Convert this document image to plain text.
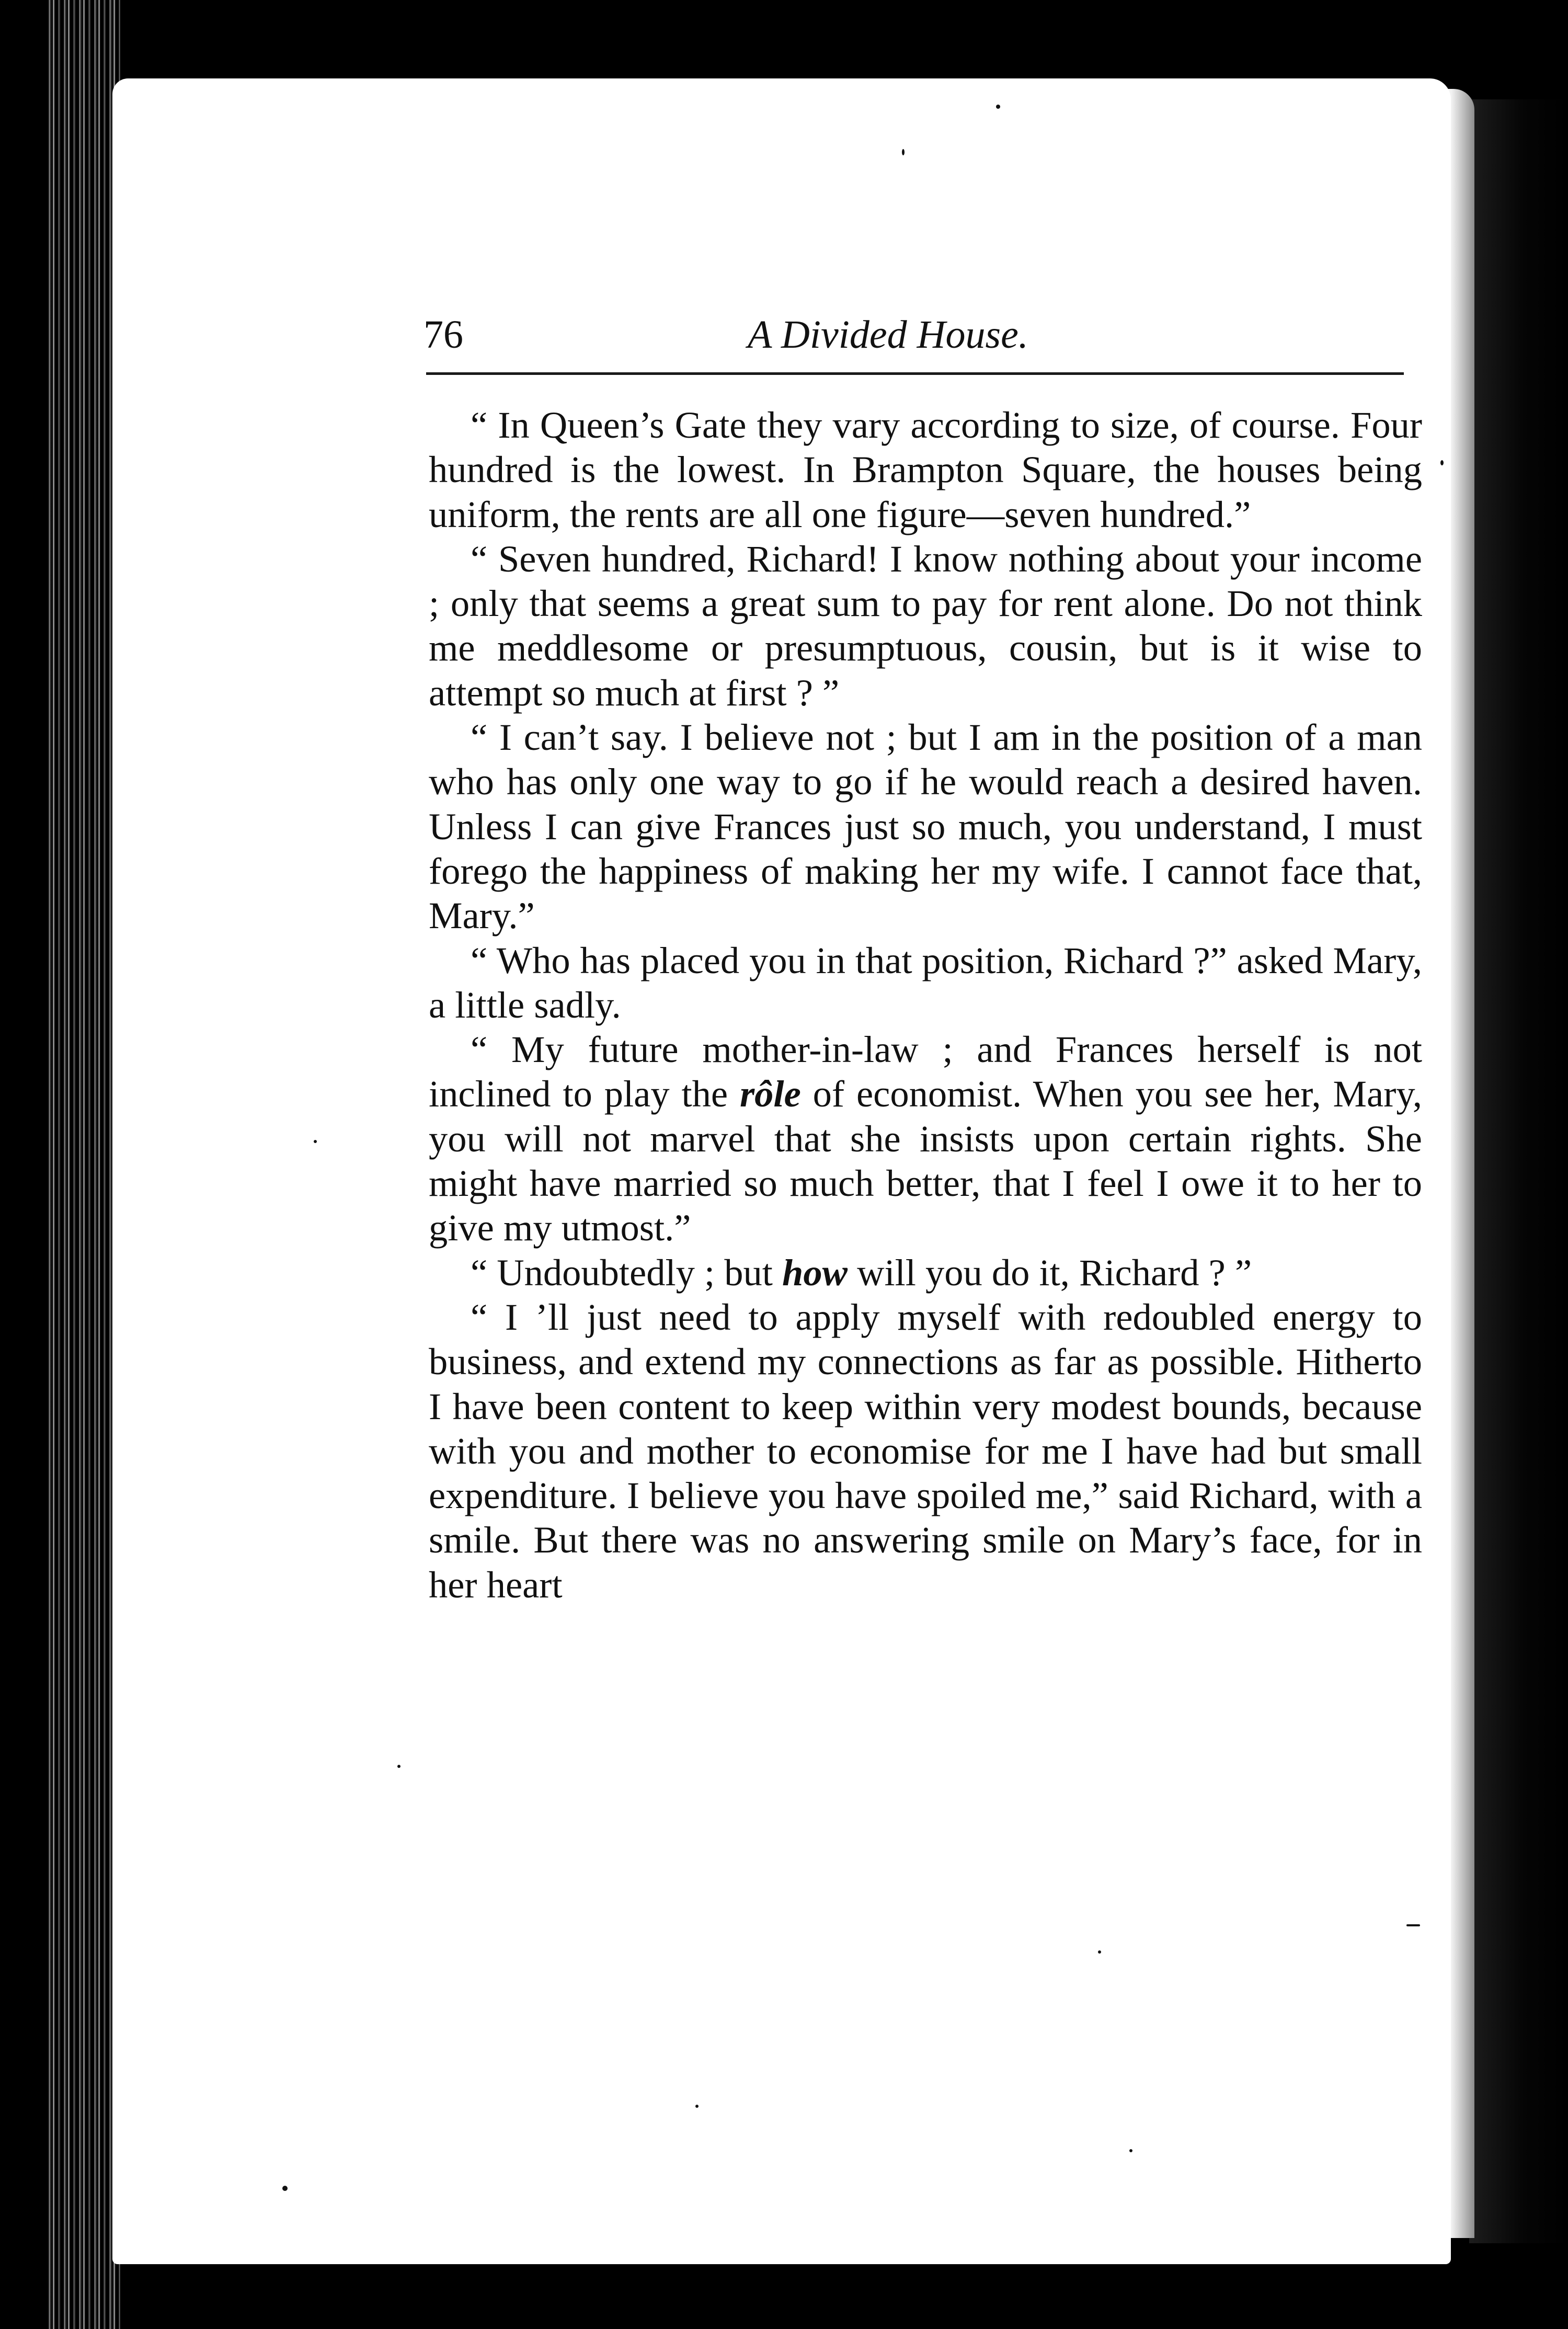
76	A Divided House.

“ In Queen’s Gate they vary according to size, of course. Four hundred is the lowest. In Brampton Square, the houses being uniform, the rents are all one figure—seven hundred.”

“ Seven hundred, Richard! I know nothing about your income ; only that seems a great sum to pay for rent alone. Do not think me meddlesome or presumptuous, cousin, but is it wise to attempt so much at first ? ”

“ I can’t say. I believe not ; but I am in the position of a man who has only one way to go if he would reach a desired haven. Unless I can give Frances just so much, you understand, I must forego the happiness of making her my wife. I cannot face that, Mary.”

“ Who has placed you in that position, Richard ?” asked Mary, a little sadly.

“ My future mother-in-law ; and Frances herself is not inclined to play the rôle of economist. When you see her, Mary, you will not marvel that she insists upon certain rights. She might have married so much better, that I feel I owe it to her to give my utmost.”

“ Undoubtedly ; but how will you do it, Richard ? ”

“ I ’ll just need to apply myself with redoubled energy to business, and extend my connections as far as possible. Hitherto I have been content to keep within very modest bounds, because with you and mother to economise for me I have had but small expenditure. I believe you have spoiled me,” said Richard, with a smile. But there was no answering smile on Mary’s face, for in her heart
